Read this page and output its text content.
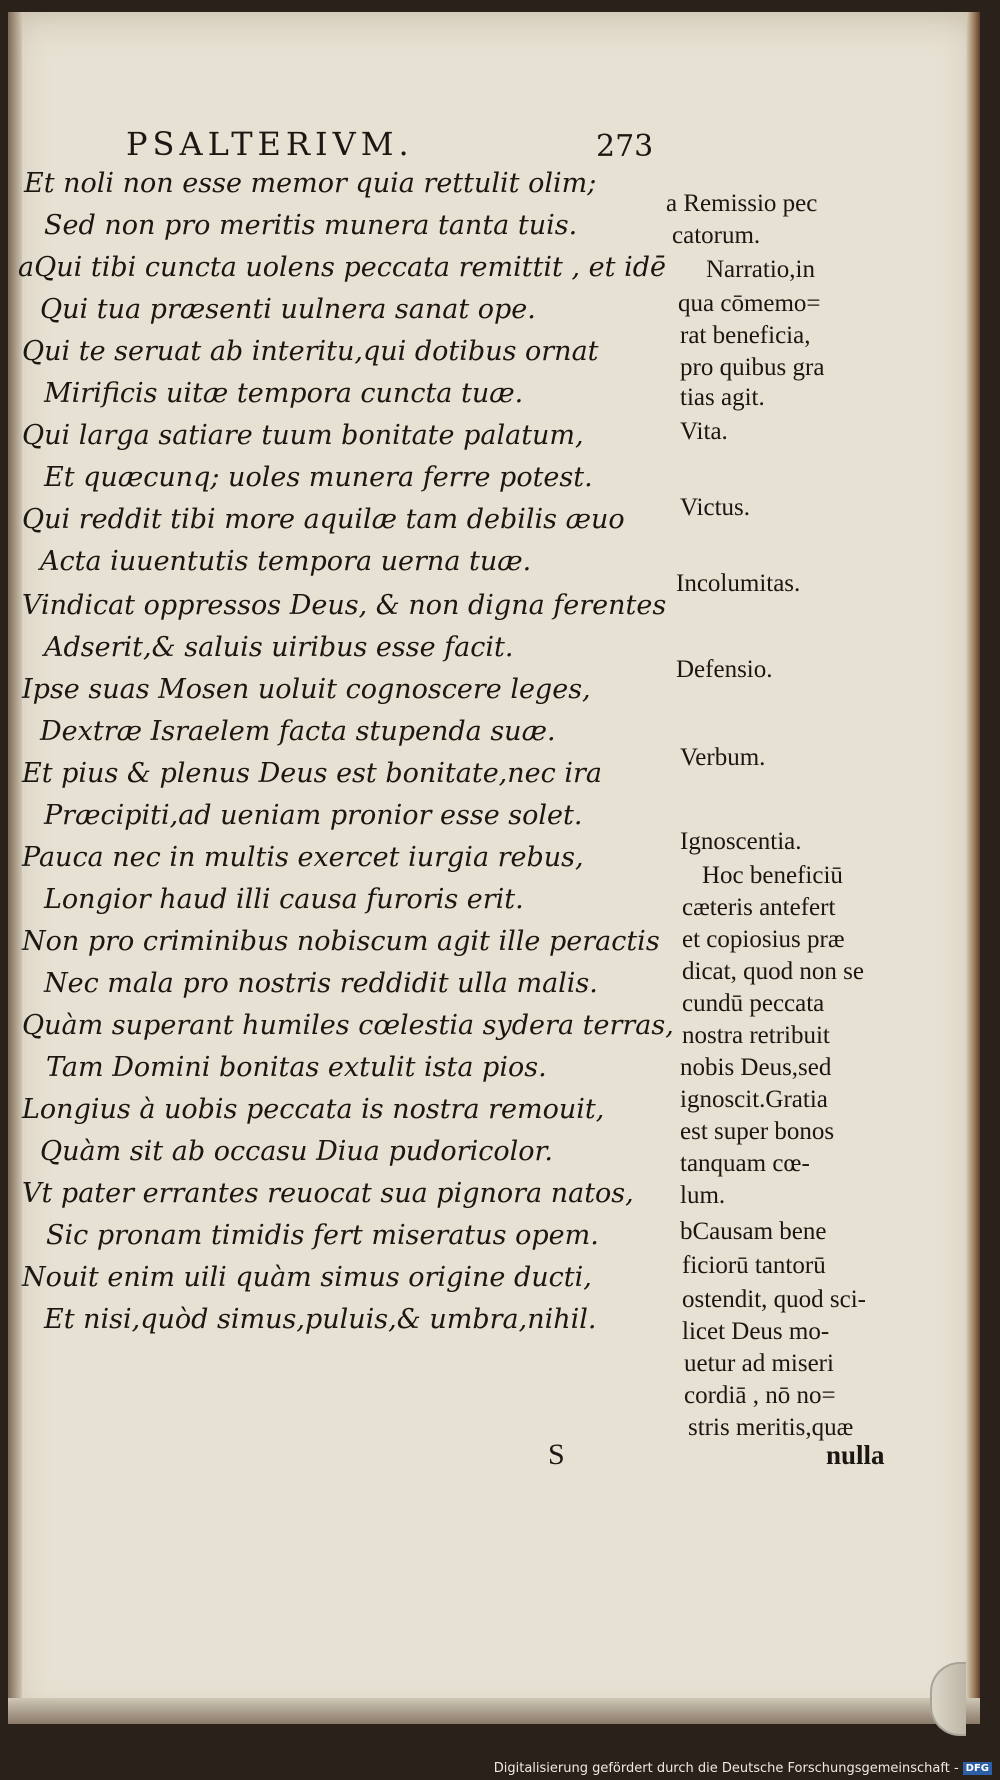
PSALTERIVM.	273
Et noli non esse memor quia rettulit olim;
Sed non pro meritis munera tanta tuis.
aQui tibi cuncta uolens peccata remittit , et idē
Qui tua præsenti uulnera sanat ope.
Qui te seruat ab interitu,qui dotibus ornat
Mirificis uitæ tempora cuncta tuæ.
Qui larga satiare tuum bonitate palatum,
Et quæcunq; uoles munera ferre potest.
Qui reddit tibi more aquilæ tam debilis æuo
Acta iuuentutis tempora uerna tuæ.
Vindicat oppressos Deus, & non digna ferentes
Adserit,& saluis uiribus esse facit.
Ipse suas Mosen uoluit cognoscere leges,
Dextræ Israelem facta stupenda suæ.
Et pius & plenus Deus est bonitate,nec ira
Præcipiti,ad ueniam pronior esse solet.
Pauca nec in multis exercet iurgia rebus,
Longior haud illi causa furoris erit.
Non pro criminibus nobiscum agit ille peractis
Nec mala pro nostris reddidit ulla malis.
Quàm superant humiles cœlestia sydera terras,
Tam Domini bonitas extulit ista pios.
Longius à uobis peccata is nostra remouit,
Quàm sit ab occasu Diua pudoricolor.
Vt pater errantes reuocat sua pignora natos,
Sic pronam timidis fert miseratus opem.
Nouit enim uili quàm simus origine ducti,
Et nisi,quòd simus,puluis,& umbra,nihil.
a Remissio pec
catorum.
Narratio,in
qua cōmemo=
rat beneficia,
pro quibus gra
tias agit.
Vita.
Victus.
Incolumitas.
Defensio.
Verbum.
Ignoscentia.
Hoc beneficiū
cæteris antefert
et copiosius præ
dicat, quod non se
cundū peccata
nostra retribuit
nobis Deus,sed
ignoscit.Gratia
est super bonos
tanquam cœ-
lum.
bCausam bene
ficiorū tantorū
ostendit, quod sci-
licet Deus mo-
uetur ad miseri
cordiā , nō no=
stris meritis,quæ
S	nulla
Digitalisierung gefördert durch die Deutsche Forschungsgemeinschaft - DFG
